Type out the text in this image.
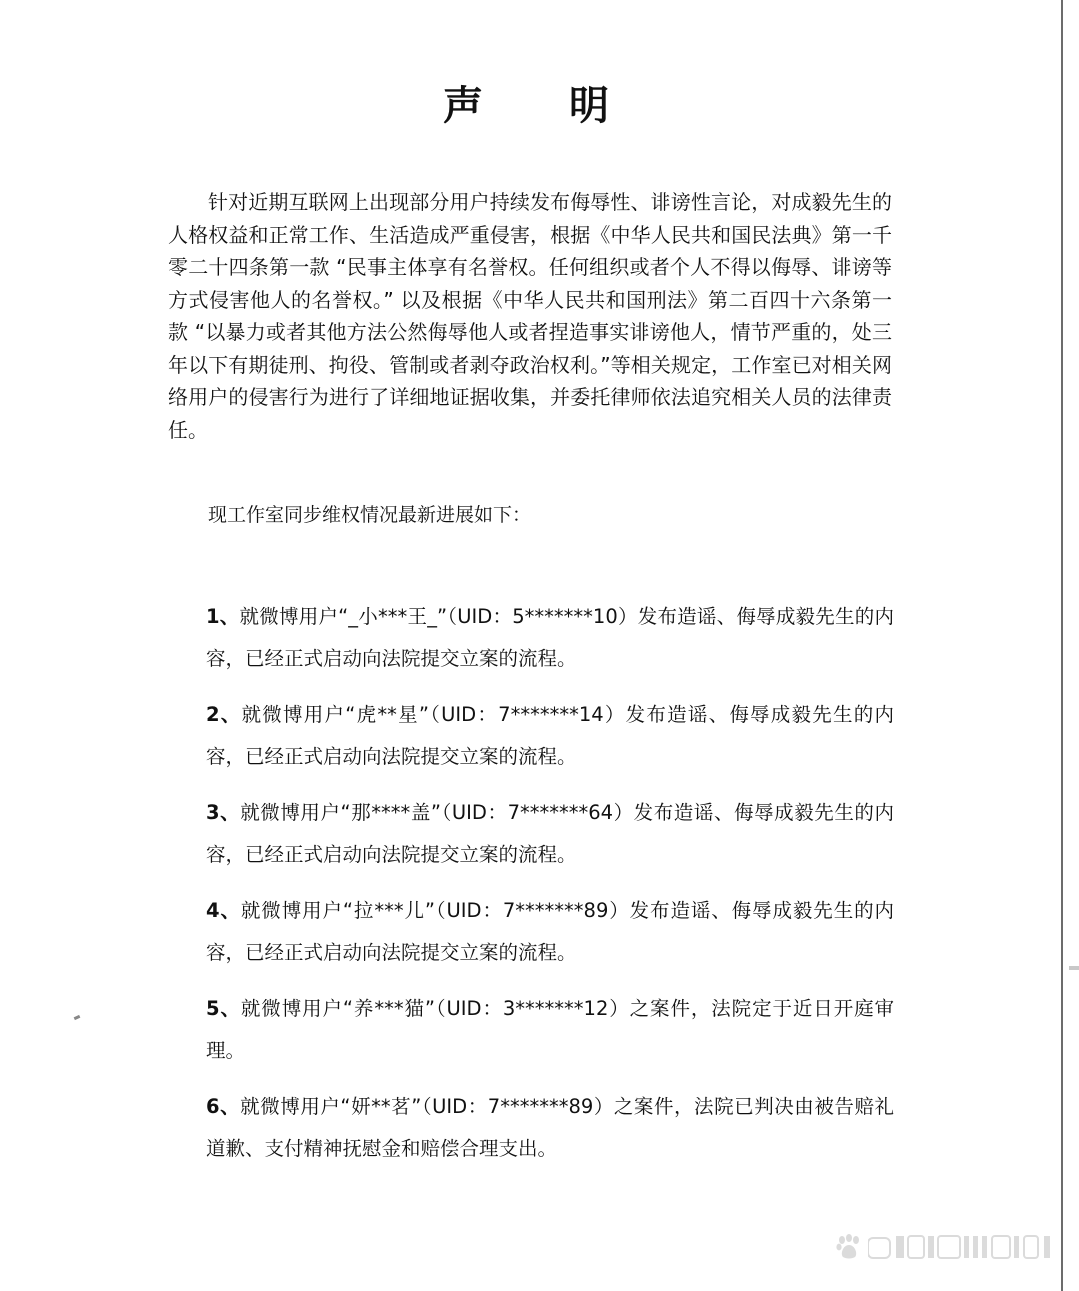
声 明

针对近期互联网上出现部分用户持续发布侮辱性、诽谤性言论，对成毅先生的人格权益和正常工作、生活造成严重侵害，根据《中华人民共和国民法典》第一千零二十四条第一款 “民事主体享有名誉权。任何组织或者个人不得以侮辱、诽谤等方式侵害他人的名誉权。” 以及根据《中华人民共和国刑法》第二百四十六条第一款 “以暴力或者其他方法公然侮辱他人或者捏造事实诽谤他人，情节严重的，处三年以下有期徒刑、拘役、管制或者剥夺政治权利。”等相关规定，工作室已对相关网络用户的侵害行为进行了详细地证据收集，并委托律师依法追究相关人员的法律责任。

现工作室同步维权情况最新进展如下：

1、就微博用户“_小***王_”（UID：5*******10）发布造谣、侮辱成毅先生的内容，已经正式启动向法院提交立案的流程。
2、就微博用户“虎**星”（UID：7*******14）发布造谣、侮辱成毅先生的内容，已经正式启动向法院提交立案的流程。
3、就微博用户“那****盖”（UID：7*******64）发布造谣、侮辱成毅先生的内容，已经正式启动向法院提交立案的流程。
4、就微博用户“拉***儿”（UID：7*******89）发布造谣、侮辱成毅先生的内容，已经正式启动向法院提交立案的流程。
5、就微博用户“养***猫”（UID：3*******12）之案件，法院定于近日开庭审理。
6、就微博用户“妍**茗”（UID：7*******89）之案件，法院已判决由被告赔礼道歉、支付精神抚慰金和赔偿合理支出。
